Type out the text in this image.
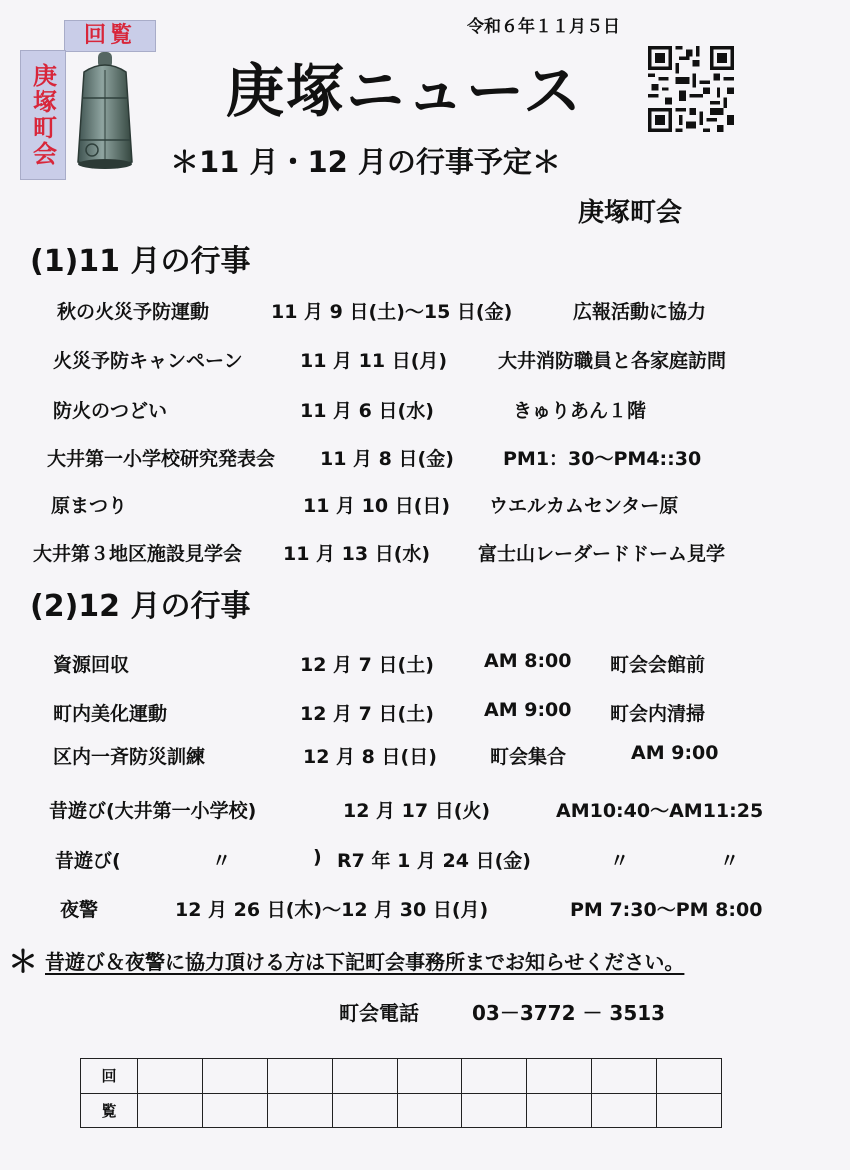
令和６年１１月５日
回覧
庚塚町会	庚塚ニュース
＊11 月・12 月の行事予定＊
庚塚町会
(1)11 月の行事
秋の火災予防運動	11 月 9 日(土)～15 日(金)	広報活動に協力
火災予防キャンペーン	11 月 11 日(月)	大井消防職員と各家庭訪問
防火のつどい	11 月 6 日(水)	きゅりあん１階
大井第一小学校研究発表会 11 月 8 日(金)	PM1：30～PM4::30
原まつり	11 月 10 日(日) ウエルカムセンター原
大井第３地区施設見学会 11 月 13 日(水)	富士山レーダードドーム見学
(2)12 月の行事
資源回収	12 月 7 日(土)	AM 8:00 町会会館前
町内美化運動	12 月 7 日(土)	AM 9:00 町会内清掃
区内一斉防災訓練	12 月 8 日(日)	町会集合	AM 9:00
昔遊び(大井第一小学校)	12 月 17 日(火)	AM10:40～AM11:25
昔遊び(	〃	) R7 年 1 月 24 日(金)	〃	〃
夜警	12 月 26 日(木)～12 月 30 日(月)	PM 7:30～PM 8:00
＊ 昔遊び＆夜警に協力頂ける方は下記町会事務所までお知らせください。
町会電話	03－3772 － 3513
回									
覧									
